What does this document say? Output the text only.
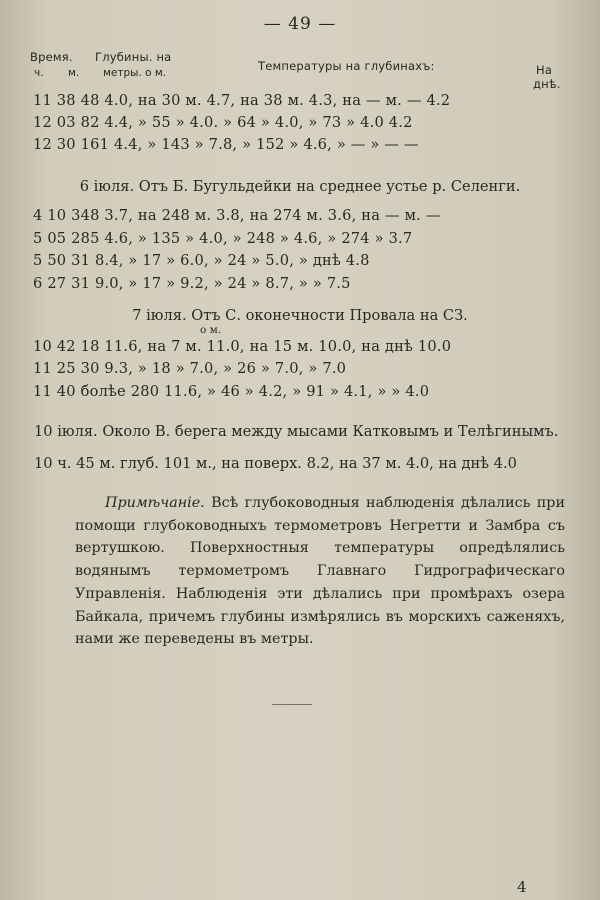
— 49 —
Время. Глубины. на
Температуры на глубинахъ:	На
днѣ.
ч. м. метры. о м.
11 38 48 4.0, на 30 м. 4.7, на 38 м. 4.3, на — м. — 4.2
12 03 82 4.4, » 55 » 4.0. » 64 » 4.0, » 73 » 4.0 4.2
12 30 161 4.4, » 143 » 7.8, » 152 » 4.6, » — » — —
6 іюля. Отъ Б. Бугульдейки на среднее устье р. Селенги.
4 10 348 3.7, на 248 м. 3.8, на 274 м. 3.6, на — м. —
5 05 285 4.6, » 135 » 4.0, » 248 » 4.6, » 274 » 3.7
5 50 31 8.4, » 17 » 6.0, » 24 » 5.0, » днѣ 4.8
6 27 31 9.0, » 17 » 9.2, » 24 » 8.7, » » 7.5
7 іюля. Отъ С. оконечности Провала на СЗ.
о м.
10 42 18 11.6, на 7 м. 11.0, на 15 м. 10.0, на днѣ 10.0
11 25 30 9.3, » 18 » 7.0, » 26 » 7.0, » 7.0
11 40 болѣе 280 11.6, » 46 » 4.2, » 91 » 4.1, » » 4.0
10 іюля. Около В. берега между мысами Катковымъ и Телѣгинымъ.
10 ч. 45 м. глуб. 101 м., на поверх. 8.2, на 37 м. 4.0, на днѣ 4.0

Примѣчаніе. Всѣ глубоководныя наблюденія дѣлались при помощи глубоководныхъ термометровъ Негретти и Замбра съ вертушкою. Поверхностныя температуры опредѣлялись водянымъ термометромъ Главнаго Гидрографическаго Управленія. Наблюденія эти дѣлались при промѣрахъ озера Байкала, причемъ глубины измѣрялись въ морскихъ саженяхъ, нами же переведены въ метры.

4
